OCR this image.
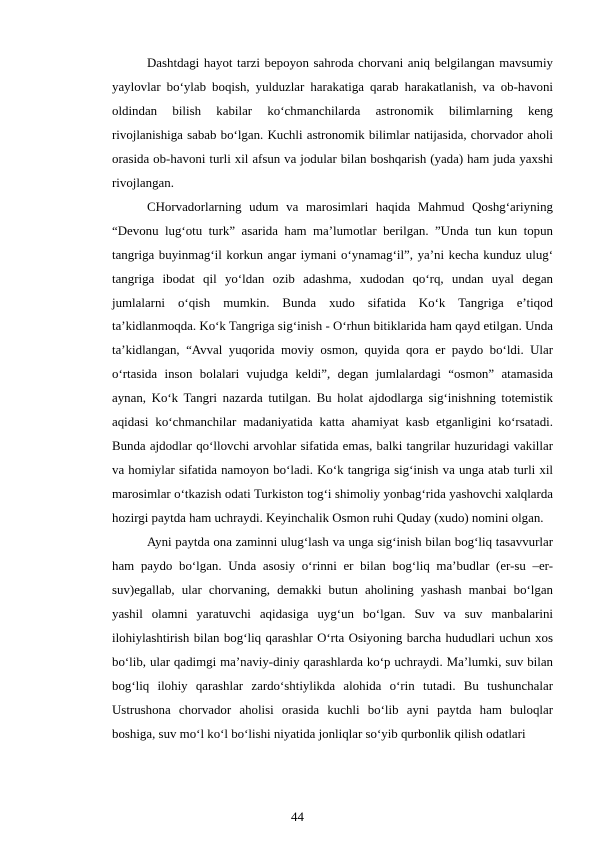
Dashtdagi hayot tarzi bepoyon sahroda chorvani aniq belgilangan mavsumiy yaylovlar bo‘ylab boqish, yulduzlar harakatiga qarab harakatlanish, va ob-havoni oldindan bilish kabilar ko‘chmanchilarda astronomik bilimlarning keng rivojlanishiga sabab bo‘lgan. Kuchli astronomik bilimlar natijasida, chorvador aholi orasida ob-havoni turli xil afsun va jodular bilan boshqarish (yada) ham juda yaxshi rivojlangan.

CHorvadorlarning udum va marosimlari haqida Mahmud Qoshg‘ariyning “Devonu lug‘otu turk” asarida ham ma’lumotlar berilgan. ”Unda tun kun topun tangriga buyinmag‘il korkun angar iymani o‘ynamag‘il”, ya’ni kecha kunduz ulug‘ tangriga ibodat qil yo‘ldan ozib adashma, xudodan qo‘rq, undan uyal degan jumlalarni o‘qish mumkin. Bunda xudo sifatida Ko‘k Tangriga e’tiqod ta’kidlanmoqda. Ko‘k Tangriga sig‘inish - O‘rhun bitiklarida ham qayd etilgan. Unda ta’kidlangan, “Avval yuqorida moviy osmon, quyida qora er paydo bo‘ldi. Ular o‘rtasida inson bolalari vujudga keldi”, degan jumlalardagi “osmon” atamasida aynan, Ko‘k Tangri nazarda tutilgan. Bu holat ajdodlarga sig‘inishning totemistik aqidasi ko‘chmanchilar madaniyatida katta ahamiyat kasb etganligini ko‘rsatadi. Bunda ajdodlar qo‘llovchi arvohlar sifatida emas, balki tangrilar huzuridagi vakillar va homiylar sifatida namoyon bo‘ladi. Ko‘k tangriga sig‘inish va unga atab turli xil marosimlar o‘tkazish odati Turkiston tog‘i shimoliy yonbag‘rida yashovchi xalqlarda hozirgi paytda ham uchraydi. Keyinchalik Osmon ruhi Quday (xudo) nomini olgan.

Ayni paytda ona zaminni ulug‘lash va unga sig‘inish bilan bog‘liq tasavvurlar ham paydo bo‘lgan. Unda asosiy o‘rinni er bilan bog‘liq ma’budlar (er-su –er-suv)egallab, ular chorvaning, demakki butun aholining yashash manbai bo‘lgan yashil olamni yaratuvchi aqidasiga uyg‘un bo‘lgan. Suv va suv manbalarini ilohiylashtirish bilan bog‘liq qarashlar O‘rta Osiyoning barcha hududlari uchun xos bo‘lib, ular qadimgi ma’naviy-diniy qarashlarda ko‘p uchraydi. Ma’lumki, suv bilan bog‘liq ilohiy qarashlar zardo‘shtiylikda alohida o‘rin tutadi. Bu tushunchalar Ustrushona chorvador aholisi orasida kuchli bo‘lib ayni paytda ham buloqlar boshiga, suv mo‘l ko‘l bo‘lishi niyatida jonliqlar so‘yib qurbonlik qilish odatlari

44
